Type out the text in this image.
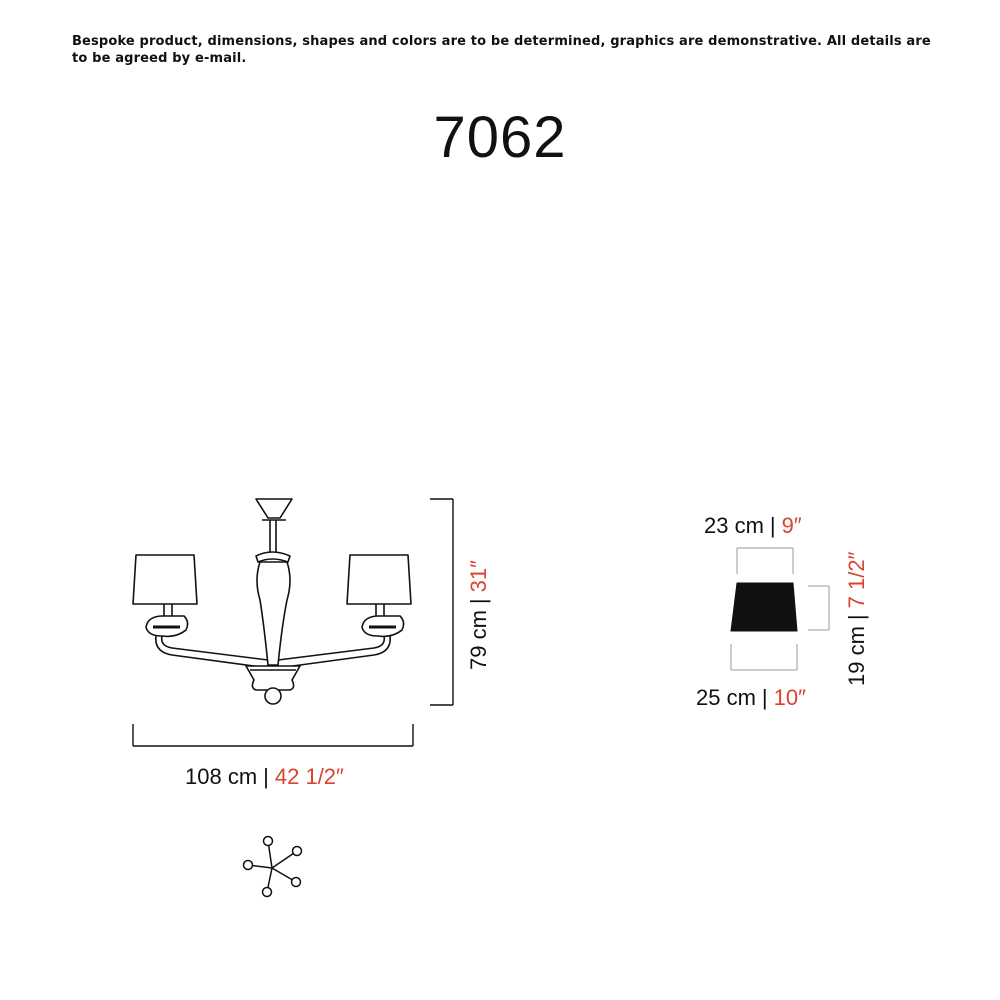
Bespoke product, dimensions, shapes and colors are to be determined, graphics are demonstrative. All details are to be agreed by e-mail.
7062
108 cm | 42 1/2″
79 cm|31″
23 cm | 9″
25 cm | 10″
19 cm|7 1/2″
